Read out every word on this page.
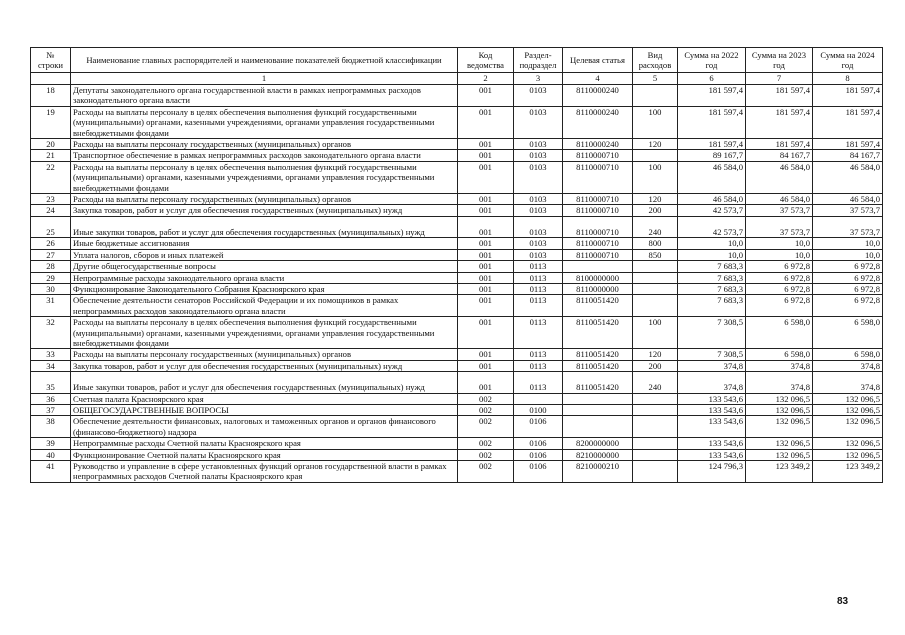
№ строки	Наименование главных распорядителей и наименование показателей бюджетной классификации	Код ведомства	Раздел-подраздел	Целевая статья	Вид расходов	Сумма на 2022 год	Сумма на 2023 год	Сумма на 2024 год
	1	2	3	4	5	6	7	8
18	Депутаты законодательного органа государственной власти в рамках непрограммных расходов законодательного органа власти	001	0103	8110000240		181 597,4	181 597,4	181 597,4
19	Расходы на выплаты персоналу в целях обеспечения выполнения функций государственными (муниципальными) органами, казенными учреждениями, органами управления государственными внебюджетными фондами	001	0103	8110000240	100	181 597,4	181 597,4	181 597,4
20	Расходы на выплаты персоналу государственных (муниципальных) органов	001	0103	8110000240	120	181 597,4	181 597,4	181 597,4
21	Транспортное обеспечение в рамках непрограммных расходов законодательного органа власти	001	0103	8110000710		89 167,7	84 167,7	84 167,7
22	Расходы на выплаты персоналу в целях обеспечения выполнения функций государственными (муниципальными) органами, казенными учреждениями, органами управления государственными внебюджетными фондами	001	0103	8110000710	100	46 584,0	46 584,0	46 584,0
23	Расходы на выплаты персоналу государственных (муниципальных) органов	001	0103	8110000710	120	46 584,0	46 584,0	46 584,0
24	Закупка товаров, работ и услуг для обеспечения государственных (муниципальных) нужд	001	0103	8110000710	200	42 573,7	37 573,7	37 573,7
25	Иные закупки товаров, работ и услуг для обеспечения государственных (муниципальных) нужд	001	0103	8110000710	240	42 573,7	37 573,7	37 573,7
26	Иные бюджетные ассигнования	001	0103	8110000710	800	10,0	10,0	10,0
27	Уплата налогов, сборов и иных платежей	001	0103	8110000710	850	10,0	10,0	10,0
28	Другие общегосударственные вопросы	001	0113			7 683,3	6 972,8	6 972,8
29	Непрограммные расходы законодательного органа власти	001	0113	8100000000		7 683,3	6 972,8	6 972,8
30	Функционирование Законодательного Собрания Красноярского края	001	0113	8110000000		7 683,3	6 972,8	6 972,8
31	Обеспечение деятельности сенаторов Российской Федерации и их помощников в рамках непрограммных расходов законодательного органа власти	001	0113	8110051420		7 683,3	6 972,8	6 972,8
32	Расходы на выплаты персоналу в целях обеспечения выполнения функций государственными (муниципальными) органами, казенными учреждениями, органами управления государственными внебюджетными фондами	001	0113	8110051420	100	7 308,5	6 598,0	6 598,0
33	Расходы на выплаты персоналу государственных (муниципальных) органов	001	0113	8110051420	120	7 308,5	6 598,0	6 598,0
34	Закупка товаров, работ и услуг для обеспечения государственных (муниципальных) нужд	001	0113	8110051420	200	374,8	374,8	374,8
35	Иные закупки товаров, работ и услуг для обеспечения государственных (муниципальных) нужд	001	0113	8110051420	240	374,8	374,8	374,8
36	Счетная палата Красноярского края	002				133 543,6	132 096,5	132 096,5
37	ОБЩЕГОСУДАРСТВЕННЫЕ ВОПРОСЫ	002	0100			133 543,6	132 096,5	132 096,5
38	Обеспечение деятельности финансовых, налоговых и таможенных органов и органов финансового (финансово-бюджетного) надзора	002	0106			133 543,6	132 096,5	132 096,5
39	Непрограммные расходы Счетной палаты Красноярского края	002	0106	8200000000		133 543,6	132 096,5	132 096,5
40	Функционирование Счетной палаты Красноярского края	002	0106	8210000000		133 543,6	132 096,5	132 096,5
41	Руководство и управление в сфере установленных функций органов государственной власти в рамках непрограммных расходов Счетной палаты Красноярского края	002	0106	8210000210		124 796,3	123 349,2	123 349,2
83
